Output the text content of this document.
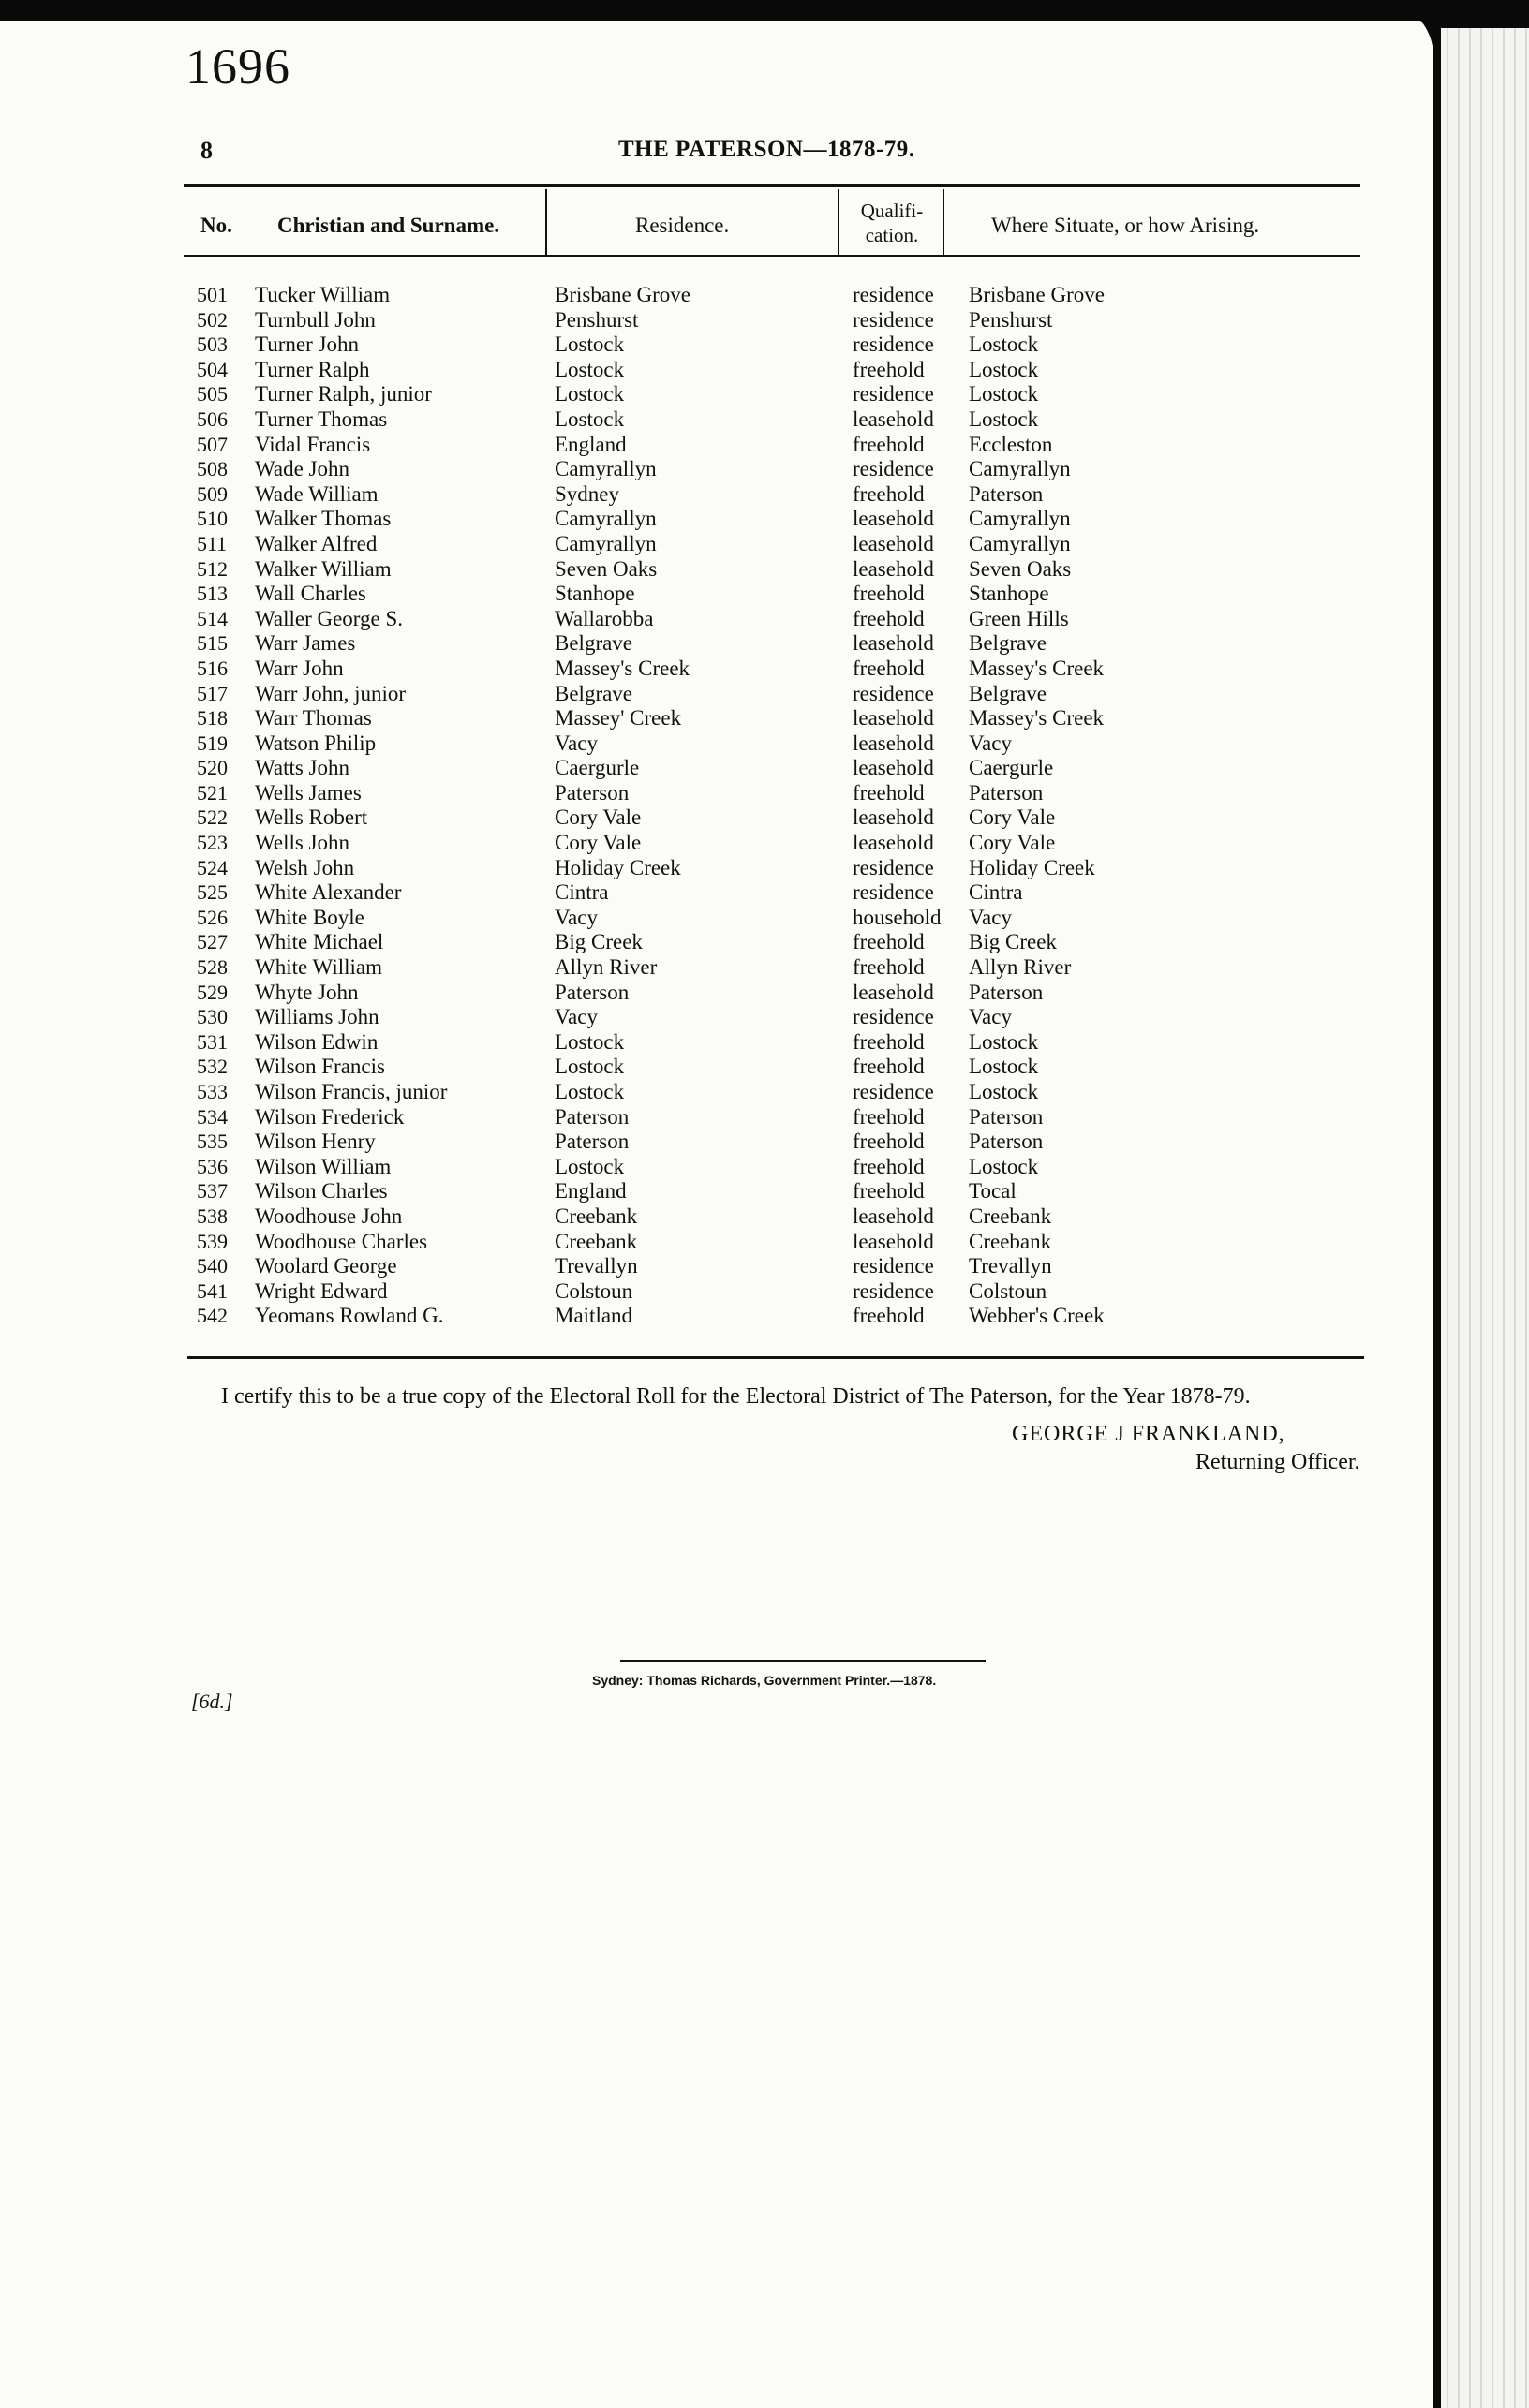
1696
8	THE PATERSON—1878-79.
No. Christian and Surname.	Residence.
Qualifi-
cation.	Where Situate, or how Arising.
501 Tucker William	Brisbane Grove	residence Brisbane Grove
502 Turnbull John	Penshurst	residence Penshurst
503 Turner John	Lostock	residence Lostock
504 Turner Ralph	Lostock	freehold Lostock
505 Turner Ralph, junior	Lostock	residence Lostock
506 Turner Thomas	Lostock	leasehold Lostock
507 Vidal Francis	England	freehold Eccleston
508 Wade John	Camyrallyn	residence Camyrallyn
509 Wade William	Sydney	freehold Paterson
510 Walker Thomas	Camyrallyn	leasehold Camyrallyn
511 Walker Alfred	Camyrallyn	leasehold Camyrallyn
512 Walker William	Seven Oaks	leasehold Seven Oaks
513 Wall Charles	Stanhope	freehold Stanhope
514 Waller George S.	Wallarobba	freehold Green Hills
515 Warr James	Belgrave	leasehold Belgrave
516 Warr John	Massey's Creek	freehold Massey's Creek
517 Warr John, junior	Belgrave	residence Belgrave
518 Warr Thomas	Massey' Creek	leasehold Massey's Creek
519 Watson Philip	Vacy	leasehold Vacy
520 Watts John	Caergurle	leasehold Caergurle
521 Wells James	Paterson	freehold Paterson
522 Wells Robert	Cory Vale	leasehold Cory Vale
523 Wells John	Cory Vale	leasehold Cory Vale
524 Welsh John	Holiday Creek	residence Holiday Creek
525 White Alexander	Cintra	residence Cintra
526 White Boyle	Vacy	household Vacy
527 White Michael	Big Creek	freehold Big Creek
528 White William	Allyn River	freehold Allyn River
529 Whyte John	Paterson	leasehold Paterson
530 Williams John	Vacy	residence Vacy
531 Wilson Edwin	Lostock	freehold Lostock
532 Wilson Francis	Lostock	freehold Lostock
533 Wilson Francis, junior	Lostock	residence Lostock
534 Wilson Frederick	Paterson	freehold Paterson
535 Wilson Henry	Paterson	freehold Paterson
536 Wilson William	Lostock	freehold Lostock
537 Wilson Charles	England	freehold Tocal
538 Woodhouse John	Creebank	leasehold Creebank
539 Woodhouse Charles	Creebank	leasehold Creebank
540 Woolard George	Trevallyn	residence Trevallyn
541 Wright Edward	Colstoun	residence Colstoun
542 Yeomans Rowland G.	Maitland	freehold Webber's Creek
I certify this to be a true copy of the Electoral Roll for the Electoral District of The Paterson, for the Year 1878-79.
GEORGE J FRANKLAND,
Returning Officer.
Sydney: Thomas Richards, Government Printer.—1878.
[6d.]
